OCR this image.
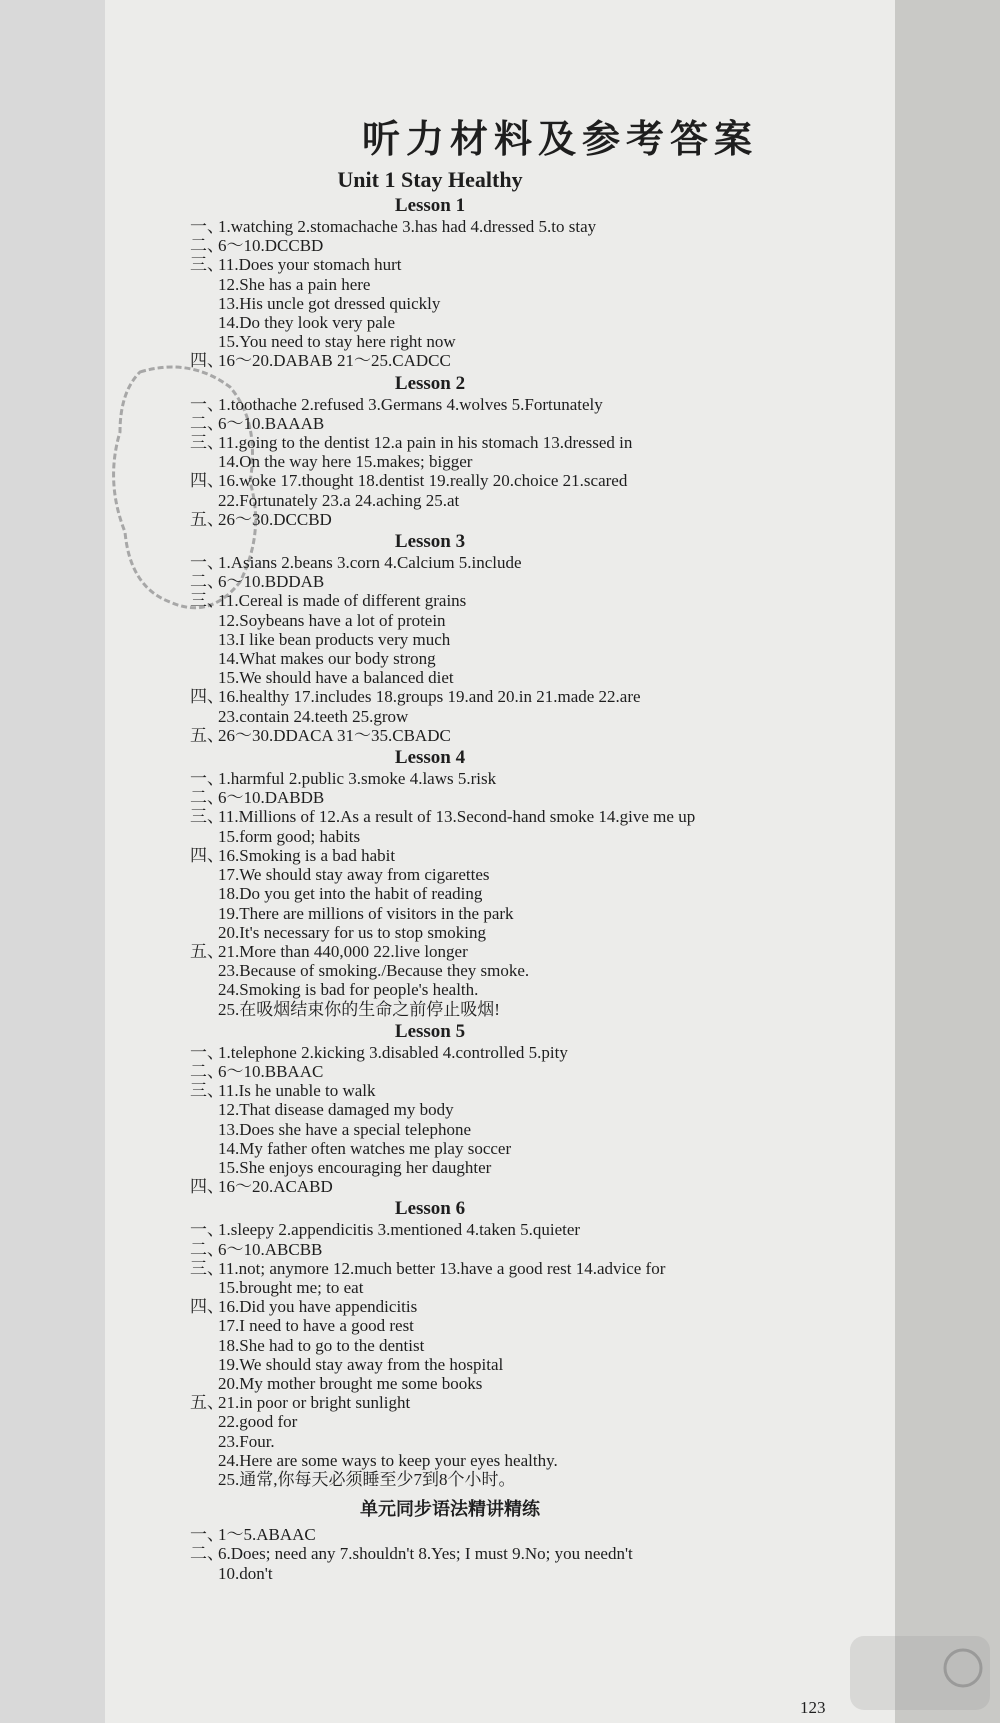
听力材料及参考答案
Unit 1 Stay Healthy
Lesson 1
一、1.watching 2.stomachache 3.has had 4.dressed 5.to stay
二、6～10.DCCBD
三、11.Does your stomach hurt
12.She has a pain here
13.His uncle got dressed quickly
14.Do they look very pale
15.You need to stay here right now
四、16～20.DABAB 21～25.CADCC
Lesson 2
一、1.toothache 2.refused 3.Germans 4.wolves 5.Fortunately
二、6～10.BAAAB
三、11.going to the dentist 12.a pain in his stomach 13.dressed in
14.On the way here 15.makes; bigger
四、16.woke 17.thought 18.dentist 19.really 20.choice 21.scared
22.Fortunately 23.a 24.aching 25.at
五、26～30.DCCBD
Lesson 3
一、1.Asians 2.beans 3.corn 4.Calcium 5.include
二、6～10.BDDAB
三、11.Cereal is made of different grains
12.Soybeans have a lot of protein
13.I like bean products very much
14.What makes our body strong
15.We should have a balanced diet
四、16.healthy 17.includes 18.groups 19.and 20.in 21.made 22.are
23.contain 24.teeth 25.grow
五、26～30.DDACA 31～35.CBADC
Lesson 4
一、1.harmful 2.public 3.smoke 4.laws 5.risk
二、6～10.DABDB
三、11.Millions of 12.As a result of 13.Second-hand smoke 14.give me up
15.form good; habits
四、16.Smoking is a bad habit
17.We should stay away from cigarettes
18.Do you get into the habit of reading
19.There are millions of visitors in the park
20.It's necessary for us to stop smoking
五、21.More than 440,000 22.live longer
23.Because of smoking./Because they smoke.
24.Smoking is bad for people's health.
25.在吸烟结束你的生命之前停止吸烟!
Lesson 5
一、1.telephone 2.kicking 3.disabled 4.controlled 5.pity
二、6～10.BBAAC
三、11.Is he unable to walk
12.That disease damaged my body
13.Does she have a special telephone
14.My father often watches me play soccer
15.She enjoys encouraging her daughter
四、16～20.ACABD
Lesson 6
一、1.sleepy 2.appendicitis 3.mentioned 4.taken 5.quieter
二、6～10.ABCBB
三、11.not; anymore 12.much better 13.have a good rest 14.advice for
15.brought me; to eat
四、16.Did you have appendicitis
17.I need to have a good rest
18.She had to go to the dentist
19.We should stay away from the hospital
20.My mother brought me some books
五、21.in poor or bright sunlight
22.good for
23.Four.
24.Here are some ways to keep your eyes healthy.
25.通常,你每天必须睡至少7到8个小时。
单元同步语法精讲精练
一、1～5.ABAAC
二、6.Does; need any 7.shouldn't 8.Yes; I must 9.No; you needn't
10.don't
123
